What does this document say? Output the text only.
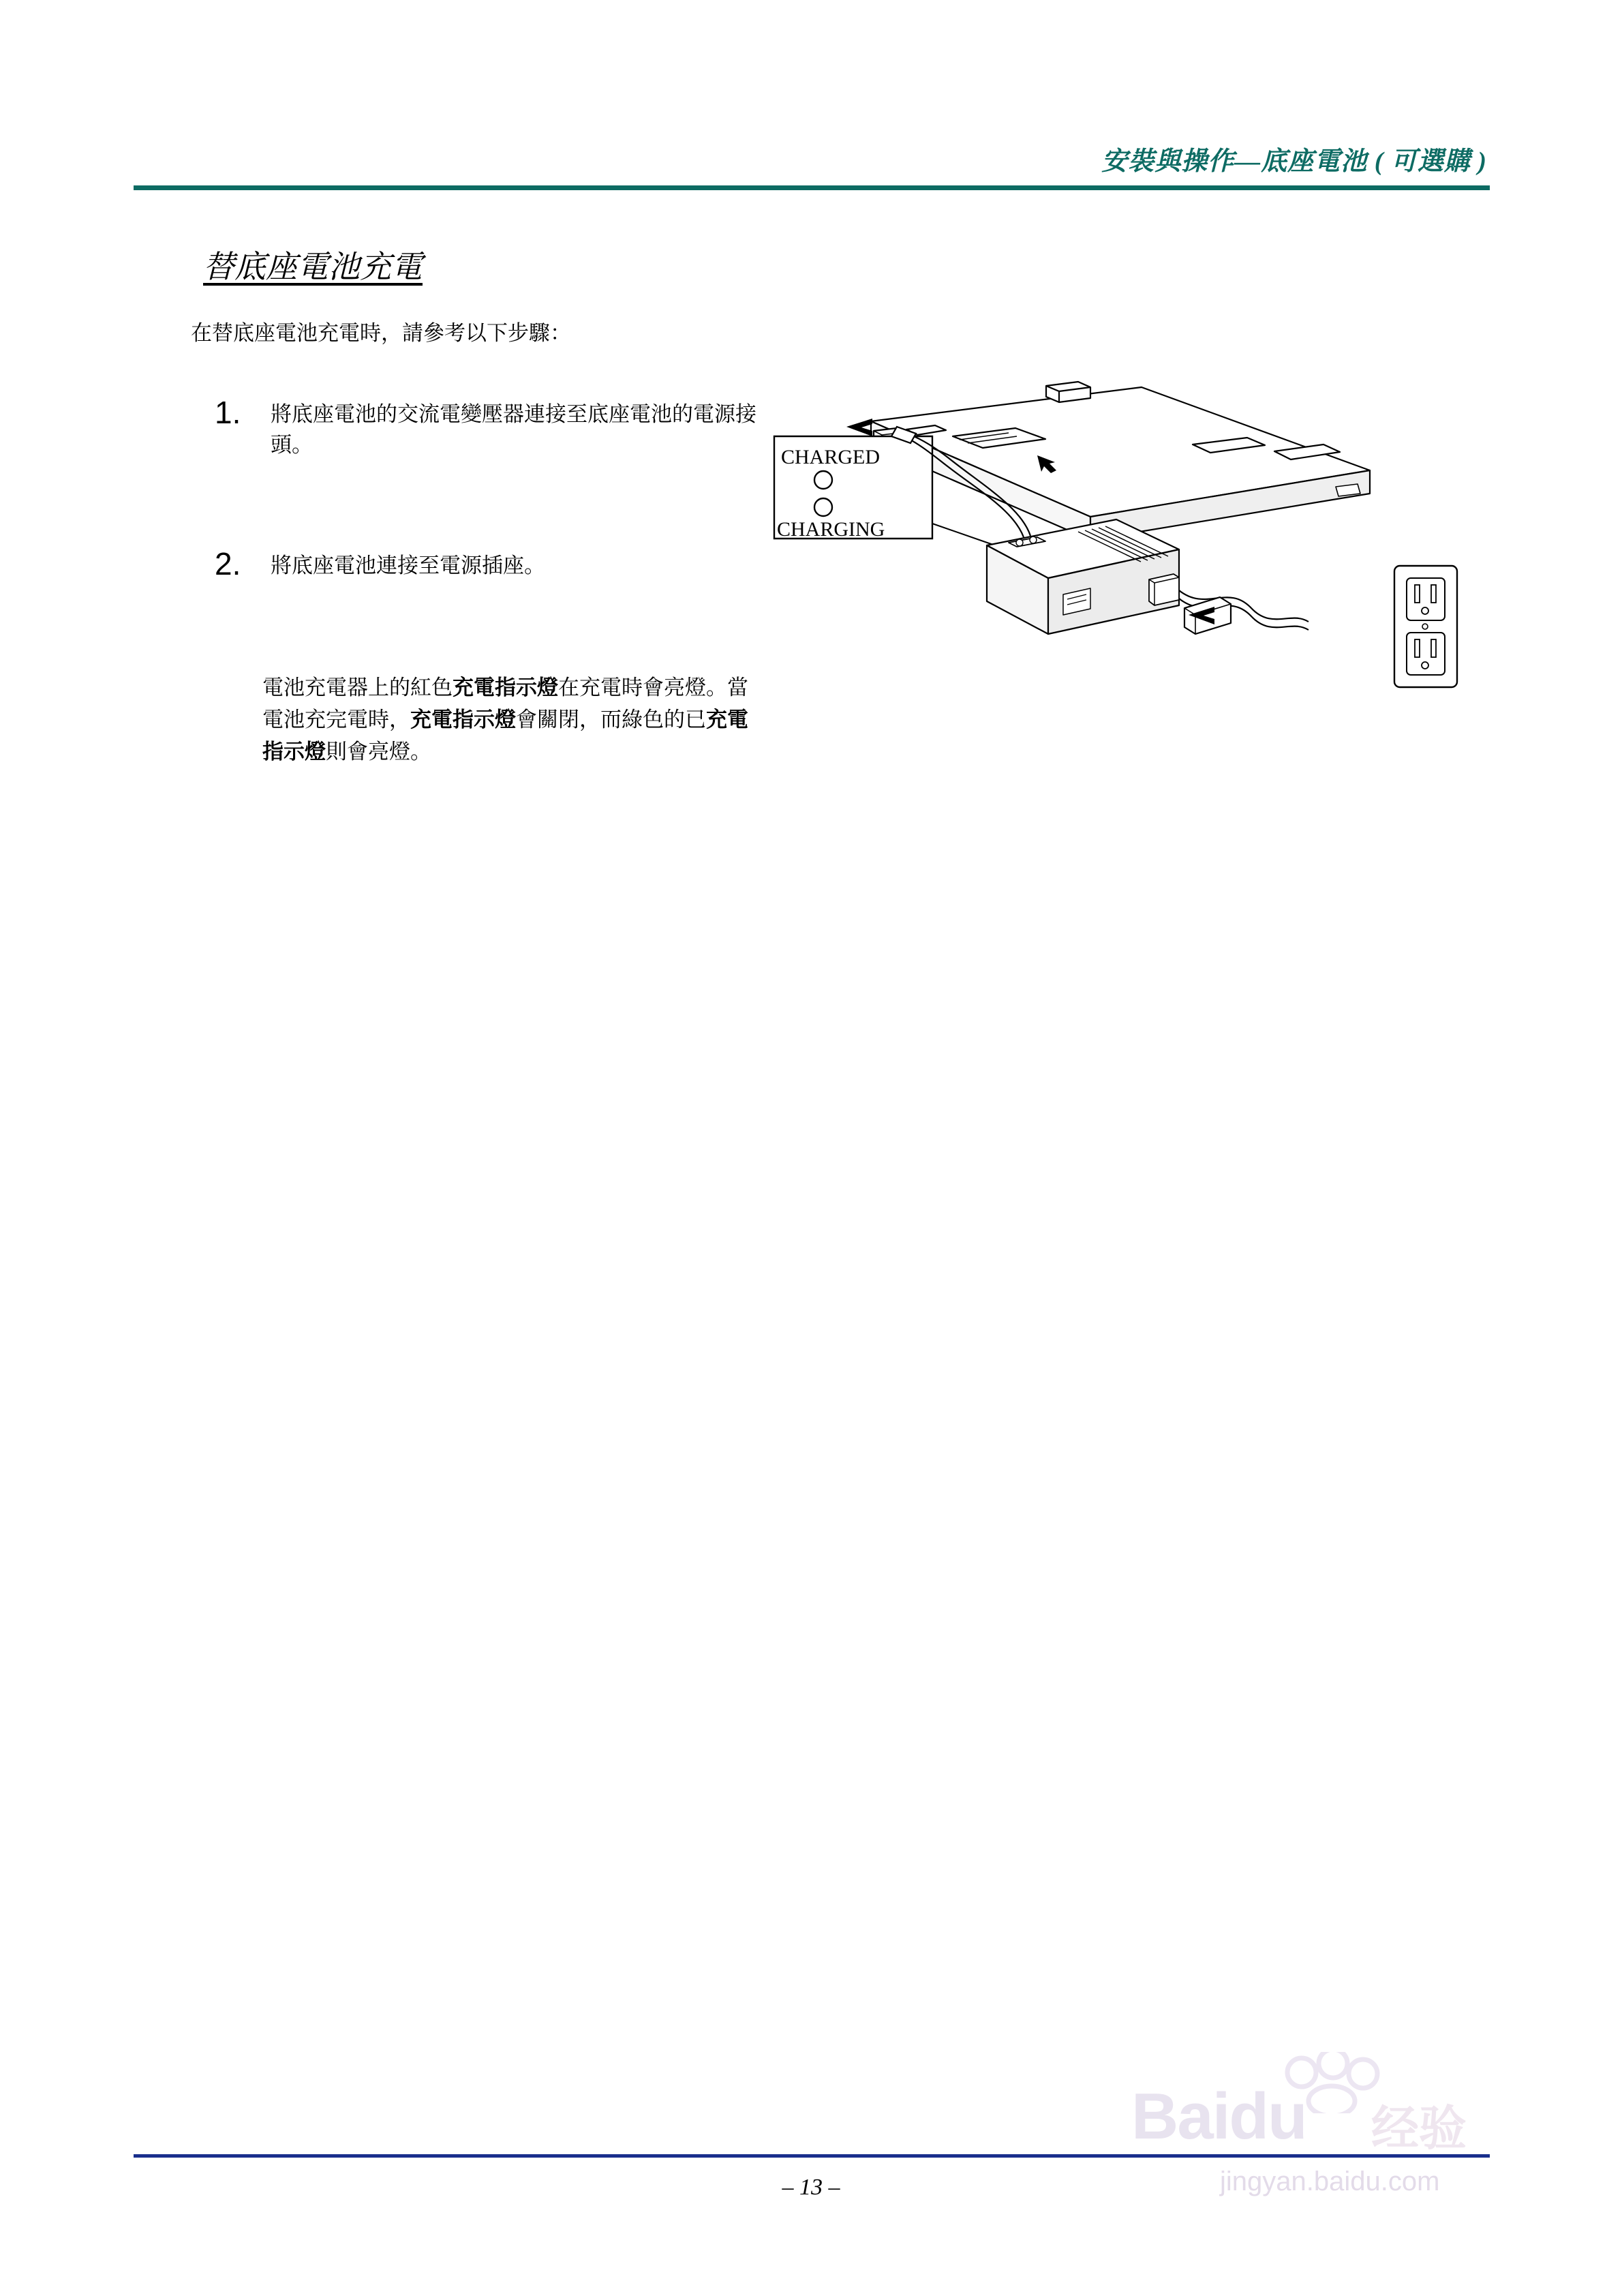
安裝與操作—底座電池 ( 可選購 )
替底座電池充電
在替底座電池充電時，請參考以下步驟：
1. 將底座電池的交流電變壓器連接至底座電池的電源接頭。
2. 將底座電池連接至電源插座。
電池充電器上的紅色充電指示燈在充電時會亮燈。當電池充完電時，充電指示燈會關閉，而綠色的已充電指示燈則會亮燈。
CHARGED
CHARGING
– 13 –
Baidu 经验
jingyan.baidu.com
